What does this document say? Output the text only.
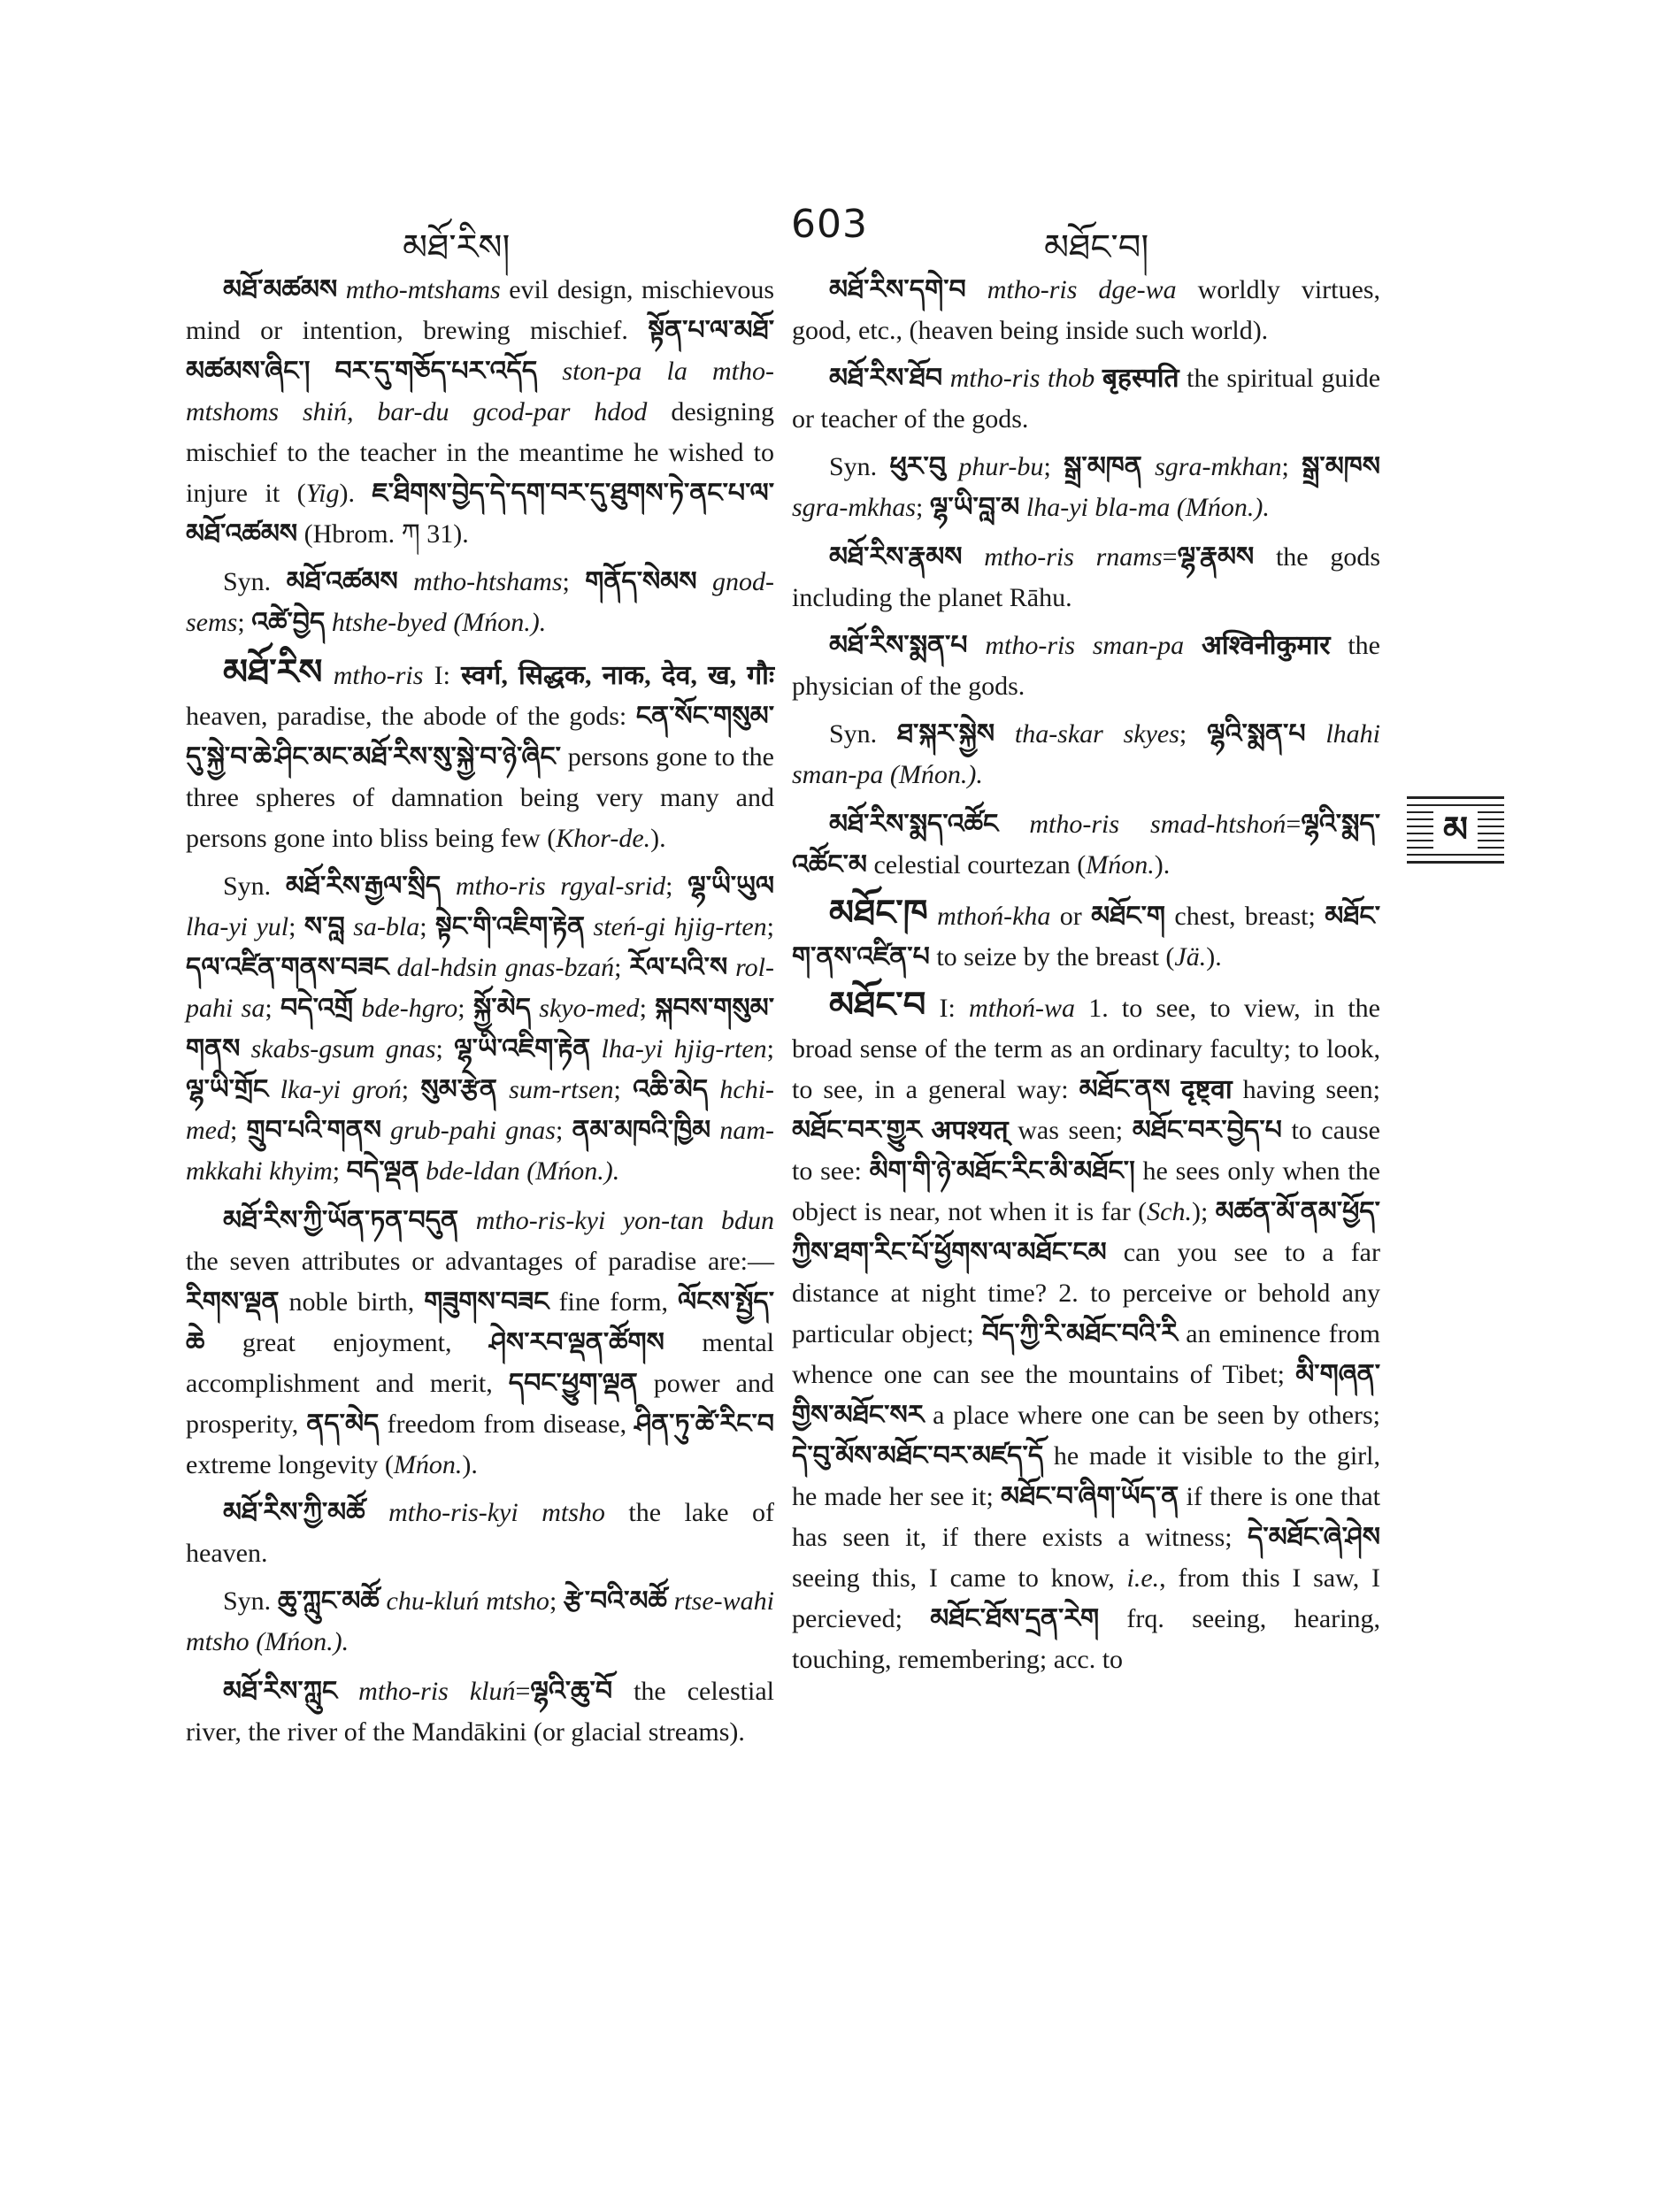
མཐོ་རིས།
603
མཐོང་བ།
མ

མཐོ་མཚམས mtho-mtshams evil design, mischievous mind or intention, brewing mischief. སྟོན་པ་ལ་མཐོ་མཚམས་ཞིང་། བར་དུ་གཅོད་པར་འདོད ston-pa la mtho-mtshoms shiń, bar-du gcod-par hdod designing mischief to the teacher in the meantime he wished to injure it (Yig). ཇ་ཐིགས་བྱེད་དེ་དག་བར་དུ་ཐུགས་ཏེ་ནང་པ་ལ་མཐོ་འཚམས (Hbrom. ཀ 31).

Syn. མཐོ་འཚམས mtho-htshams; གནོད་སེམས gnod-sems; འཚེ་བྱེད htshe-byed (Mńon.).

མཐོ་རིས mtho-ris I: स्वर्ग, सिद्धक, नाक, देव, ख, गौः heaven, paradise, the abode of the gods: ངན་སོང་གསུམ་དུ་སྐྱེ་བ་ཆེ་ཤིང་མང་མཐོ་རིས་སུ་སྐྱེ་བ་ཉེ་ཞིང་ persons gone to the three spheres of damnation being very many and persons gone into bliss being few (Khor-de.).

Syn. མཐོ་རིས་རྒྱལ་སྲིད mtho-ris rgyal-srid; ལྷ་ཡི་ཡུལ lha-yi yul; ས་བླ sa-bla; སྟེང་གི་འཇིག་རྟེན steń-gi hjig-rten; དལ་འཛིན་གནས་བཟང dal-hdsin gnas-bzań; རོལ་པའི་ས rol-pahi sa; བདེ་འགྲོ bde-hgro; སྐྱོ་མེད skyo-med; སྐབས་གསུམ་གནས skabs-gsum gnas; ལྷ་ཡི་འཇིག་རྟེན lha-yi hjig-rten; ལྷ་ཡི་གྲོང lka-yi groń; སུམ་རྩེན sum-rtsen; འཆི་མེད hchi-med; གྲུབ་པའི་གནས grub-pahi gnas; ནམ་མཁའི་ཁྱིམ nam-mkkahi khyim; བདེ་ལྡན bde-ldan (Mńon.).

མཐོ་རིས་ཀྱི་ཡོན་ཏན་བདུན mtho-ris-kyi yon-tan bdun the seven attributes or advantages of paradise are:—རིགས་ལྡན noble birth, གཟུགས་བཟང fine form, ལོངས་སྤྱོད་ཆེ great enjoyment, ཤེས་རབ་ལྡན་ཚོགས mental accomplishment and merit, དབང་ཕྱུག་ལྡན power and prosperity, ནད་མེད freedom from disease, ཤིན་ཏུ་ཚེ་རིང་བ extreme longevity (Mńon.).

མཐོ་རིས་ཀྱི་མཚོ mtho-ris-kyi mtsho the lake of heaven.

Syn. ཆུ་ཀླུང་མཚོ chu-kluń mtsho; རྩེ་བའི་མཚོ rtse-wahi mtsho (Mńon.).

མཐོ་རིས་ཀླུང mtho-ris kluń=ལྷའི་ཆུ་བོ the celestial river, the river of the Mandākini (or glacial streams).

མཐོ་རིས་དགེ་བ mtho-ris dge-wa worldly virtues, good, etc., (heaven being inside such world).

མཐོ་རིས་ཐོབ mtho-ris thob बृहस्पति the spiritual guide or teacher of the gods.

Syn. ཕུར་བུ phur-bu; སྒྲ་མཁན sgra-mkhan; སྒྲ་མཁས sgra-mkhas; ལྷ་ཡི་བླ་མ lha-yi bla-ma (Mńon.).

མཐོ་རིས་རྣམས mtho-ris rnams=ལྷ་རྣམས the gods including the planet Rāhu.

མཐོ་རིས་སྨན་པ mtho-ris sman-pa अश्विनीकुमार the physician of the gods.

Syn. ཐ་སྐར་སྐྱེས tha-skar skyes; ལྷའི་སྨན་པ lhahi sman-pa (Mńon.).

མཐོ་རིས་སྨད་འཚོང mtho-ris smad-htshoń=ལྷའི་སྨད་འཚོང་མ celestial courtezan (Mńon.).

མཐོང་ཁ mthoń-kha or མཐོང་ག chest, breast; མཐོང་ག་ནས་འཛིན་པ to seize by the breast (Jä.).

མཐོང་བ I: mthoń-wa 1. to see, to view, in the broad sense of the term as an ordinary faculty; to look, to see, in a general way: མཐོང་ནས दृष्ट्वा having seen; མཐོང་བར་གྱུར अपश्यत् was seen; མཐོང་བར་བྱེད་པ to cause to see: མིག་གི་ཉེ་མཐོང་རིང་མི་མཐོང་། he sees only when the object is near, not when it is far (Sch.); མཚན་མོ་ནམ་ཕྱོད་ཀྱིས་ཐག་རིང་པོ་ཕྱོགས་ལ་མཐོང་ངམ can you see to a far distance at night time? 2. to perceive or behold any particular object; བོད་ཀྱི་རི་མཐོང་བའི་རི an eminence from whence one can see the mountains of Tibet; མི་གཞན་གྱིས་མཐོང་སར a place where one can be seen by others; དེ་བུ་མོས་མཐོང་བར་མཛད་དོ he made it visible to the girl, he made her see it; མཐོང་བ་ཞིག་ཡོད་ན if there is one that has seen it, if there exists a witness; དེ་མཐོང་ཞེ་ཤེས seeing this, I came to know, i.e., from this I saw, I percieved; མཐོང་ཐོས་དྲན་རེག frq. seeing, hearing, touching, remembering; acc. to
